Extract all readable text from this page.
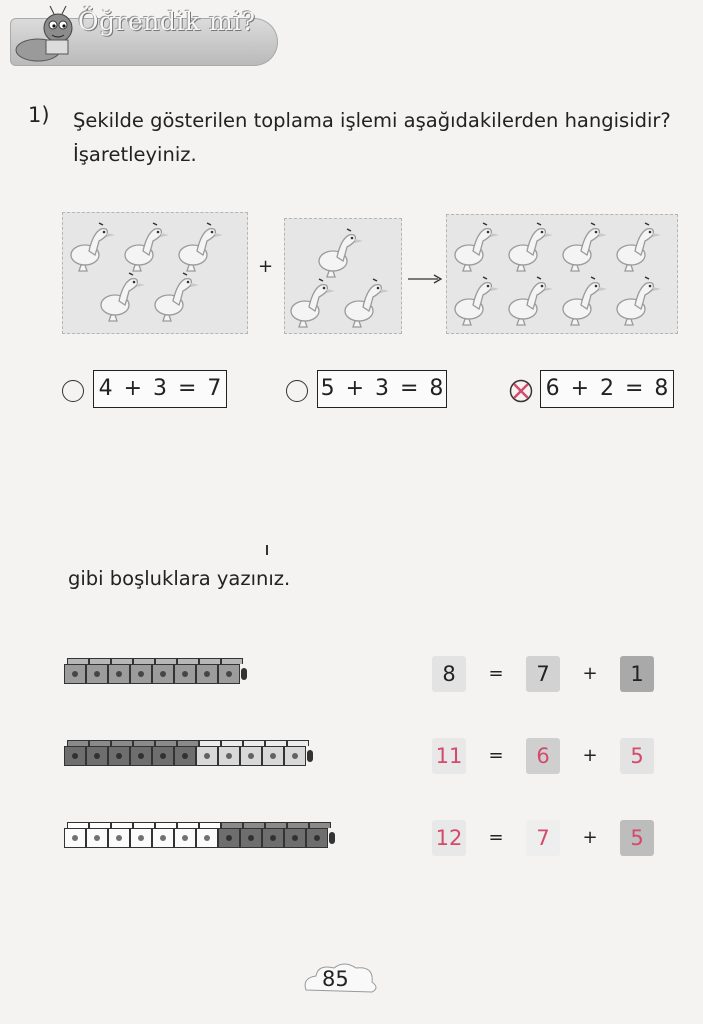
Öğrendik mi?
1) Şekilde gösterilen toplama işlemi aşağıdakilerden hangisidir?
İşaretleyiniz.
+
4 + 3 = 7	5 + 3 = 8	6 + 2 = 8
gibi boşluklara yazınız.
8	=	7	+	1
11 =	6	+	5
12 =	7	+	5
85
